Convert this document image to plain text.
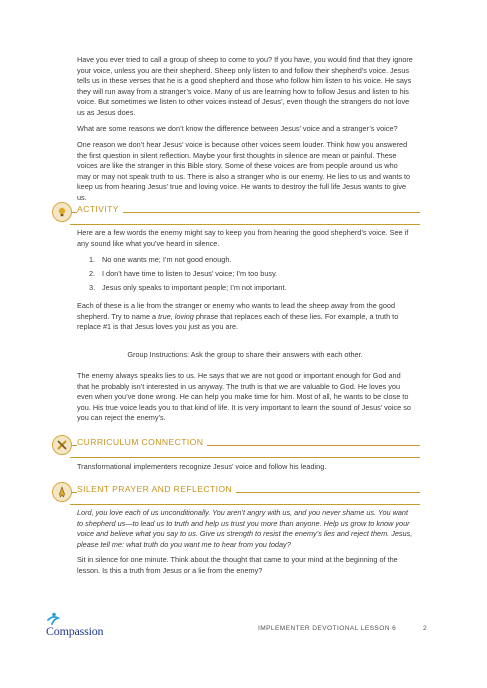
Have you ever tried to call a group of sheep to come to you? If you have, you would find that they ignore your voice, unless you are their shepherd. Sheep only listen to and follow their shepherd’s voice. Jesus tells us in these verses that he is a good shepherd and those who follow him listen to his voice. He says they will run away from a stranger’s voice. Many of us are learning how to follow Jesus and listen to his voice. But sometimes we listen to other voices instead of Jesus’, even though the strangers do not love us as Jesus does.

What are some reasons we don’t know the difference between Jesus’ voice and a stranger’s voice?

One reason we don’t hear Jesus’ voice is because other voices seem louder. Think how you answered the first question in silent reflection. Maybe your first thoughts in silence are mean or painful. These voices are like the stranger in this Bible story. Some of these voices are from people around us who may or may not speak truth to us. There is also a stranger who is our enemy. He lies to us and wants to keep us from hearing Jesus’ true and loving voice. He wants to destroy the full life Jesus wants to give us.

ACTIVITY

Here are a few words the enemy might say to keep you from hearing the good shepherd’s voice. See if any sound like what you’ve heard in silence.

1. No one wants me; I’m not good enough.

2. I don’t have time to listen to Jesus’ voice; I’m too busy.

3. Jesus only speaks to important people; I’m not important.

Each of these is a lie from the stranger or enemy who wants to lead the sheep away from the good shepherd. Try to name a true, loving phrase that replaces each of these lies. For example, a truth to replace #1 is that Jesus loves you just as you are.

Group Instructions: Ask the group to share their answers with each other.

The enemy always speaks lies to us. He says that we are not good or important enough for God and that he probably isn’t interested in us anyway. The truth is that we are valuable to God. He loves you even when you’ve done wrong. He can help you make time for him. Most of all, he wants to be close to you. His true voice leads you to that kind of life. It is very important to learn the sound of Jesus’ voice so you can reject the enemy’s.

CURRICULUM CONNECTION

Transformational implementers recognize Jesus’ voice and follow his leading.

SILENT PRAYER AND REFLECTION

Lord, you love each of us unconditionally. You aren’t angry with us, and you never shame us. You want to shepherd us—to lead us to truth and help us trust you more than anyone. Help us grow to know your voice and believe what you say to us. Give us strength to resist the enemy’s lies and reject them. Jesus, please tell me: what truth do you want me to hear from you today?

Sit in silence for one minute. Think about the thought that came to your mind at the beginning of the lesson. Is this a truth from Jesus or a lie from the enemy?

Compassion	IMPLEMENTER DEVOTIONAL LESSON 6	2
